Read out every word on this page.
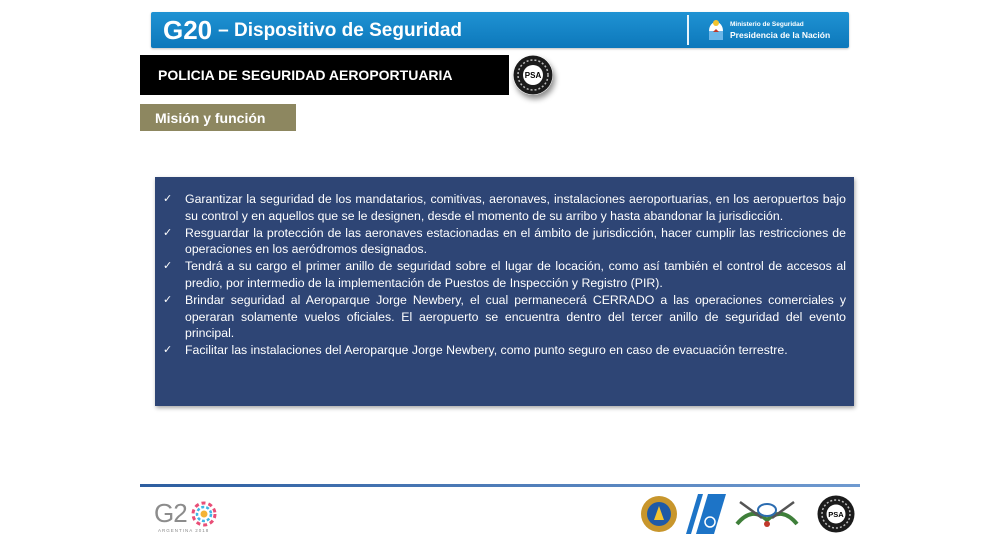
G20 – Dispositivo de Seguridad	Ministerio de Seguridad
Presidencia de la Nación
POLICIA DE SEGURIDAD AEROPORTUARIA	PSA
Misión y función
✓ Garantizar la seguridad de los mandatarios, comitivas, aeronaves, instalaciones aeroportuarias, en los aeropuertos bajo su control y en aquellos que se le designen, desde el momento de su arribo y hasta abandonar la jurisdicción.
✓ Resguardar la protección de las aeronaves estacionadas en el ámbito de jurisdicción, hacer cumplir las restricciones de operaciones en los aeródromos designados.
✓ Tendrá a su cargo el primer anillo de seguridad sobre el lugar de locación, como así también el control de accesos al predio, por intermedio de la implementación de Puestos de Inspección y Registro (PIR).
✓ Brindar seguridad al Aeroparque Jorge Newbery, el cual permanecerá CERRADO a las operaciones comerciales y operaran solamente vuelos oficiales. El aeropuerto se encuentra dentro del tercer anillo de seguridad del evento principal.
✓ Facilitar las instalaciones del Aeroparque Jorge Newbery, como punto seguro en caso de evacuación terrestre.
G2
ARGENTINA 2018
PSA
